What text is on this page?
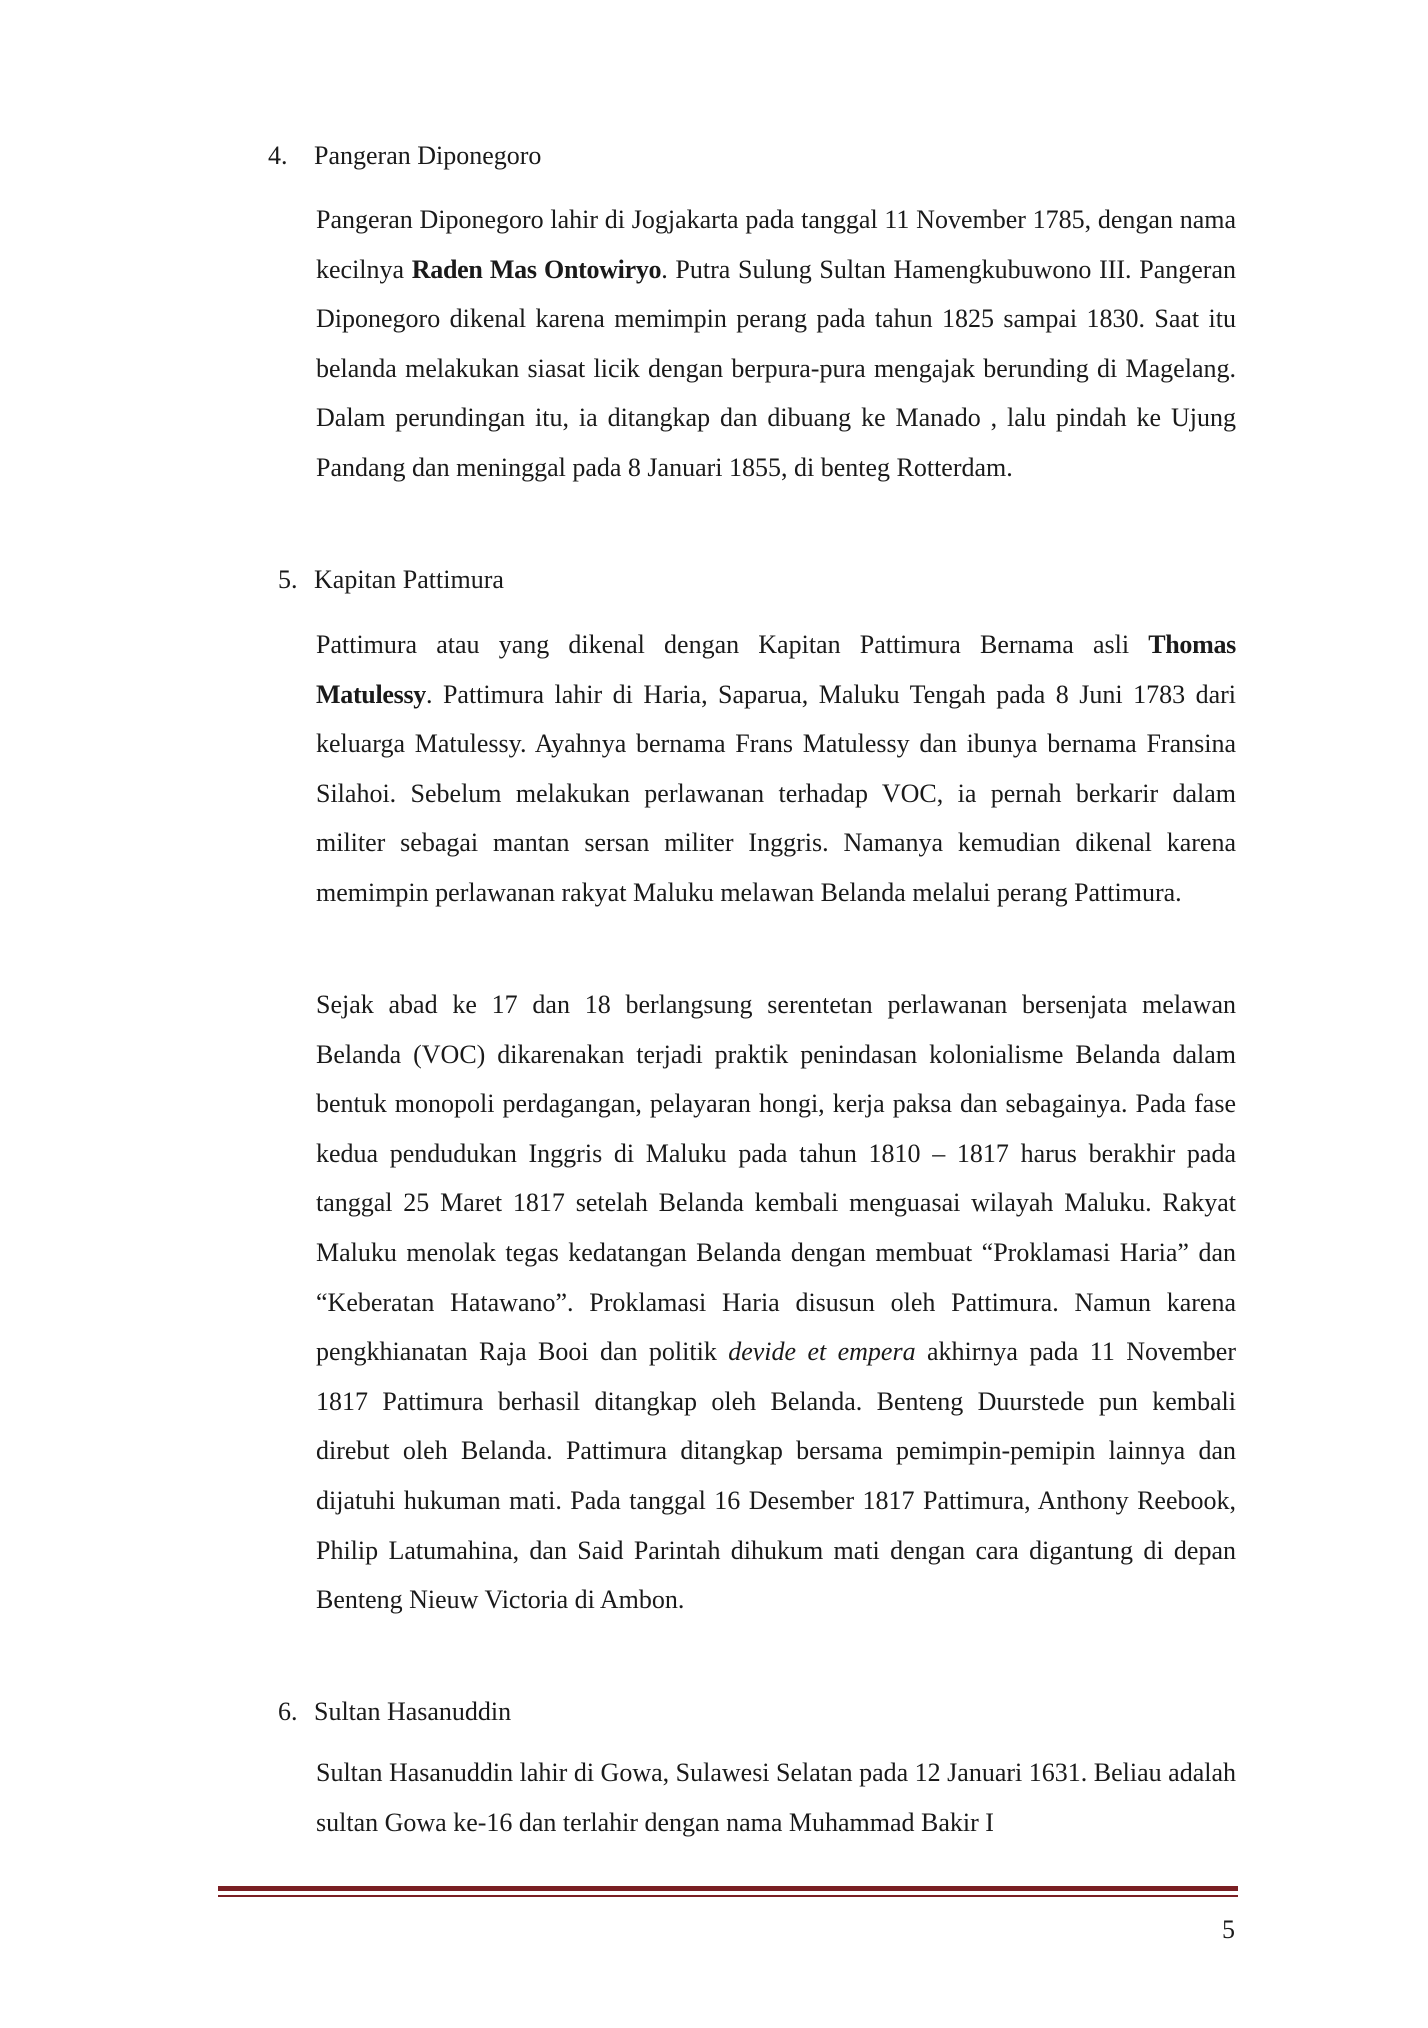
4.	Pangeran Diponegoro

Pangeran Diponegoro lahir di Jogjakarta pada tanggal 11 November 1785, dengan nama kecilnya Raden Mas Ontowiryo. Putra Sulung Sultan Hamengkubuwono III. Pangeran Diponegoro dikenal karena memimpin perang pada tahun 1825 sampai 1830. Saat itu belanda melakukan siasat licik dengan berpura-pura mengajak berunding di Magelang. Dalam perundingan itu, ia ditangkap dan dibuang ke Manado , lalu pindah ke Ujung Pandang dan meninggal pada 8 Januari 1855, di benteg Rotterdam.

5. Kapitan Pattimura

Pattimura atau yang dikenal dengan Kapitan Pattimura Bernama asli Thomas Matulessy. Pattimura lahir di Haria, Saparua, Maluku Tengah pada 8 Juni 1783 dari keluarga Matulessy. Ayahnya bernama Frans Matulessy dan ibunya bernama Fransina Silahoi. Sebelum melakukan perlawanan terhadap VOC, ia pernah berkarir dalam militer sebagai mantan sersan militer Inggris. Namanya kemudian dikenal karena memimpin perlawanan rakyat Maluku melawan Belanda melalui perang Pattimura.

Sejak abad ke 17 dan 18 berlangsung serentetan perlawanan bersenjata melawan Belanda (VOC) dikarenakan terjadi praktik penindasan kolonialisme Belanda dalam bentuk monopoli perdagangan, pelayaran hongi, kerja paksa dan sebagainya. Pada fase kedua pendudukan Inggris di Maluku pada tahun 1810 – 1817 harus berakhir pada tanggal 25 Maret 1817 setelah Belanda kembali menguasai wilayah Maluku. Rakyat Maluku menolak tegas kedatangan Belanda dengan membuat “Proklamasi Haria” dan “Keberatan Hatawano”. Proklamasi Haria disusun oleh Pattimura. Namun karena pengkhianatan Raja Booi dan politik devide et empera akhirnya pada 11 November 1817 Pattimura berhasil ditangkap oleh Belanda. Benteng Duurstede pun kembali direbut oleh Belanda. Pattimura ditangkap bersama pemimpin-pemipin lainnya dan dijatuhi hukuman mati. Pada tanggal 16 Desember 1817 Pattimura, Anthony Reebook, Philip Latumahina, dan Said Parintah dihukum mati dengan cara digantung di depan Benteng Nieuw Victoria di Ambon.

6. Sultan Hasanuddin

Sultan Hasanuddin lahir di Gowa, Sulawesi Selatan pada 12 Januari 1631. Beliau adalah sultan Gowa ke-16 dan terlahir dengan nama Muhammad Bakir I

5
